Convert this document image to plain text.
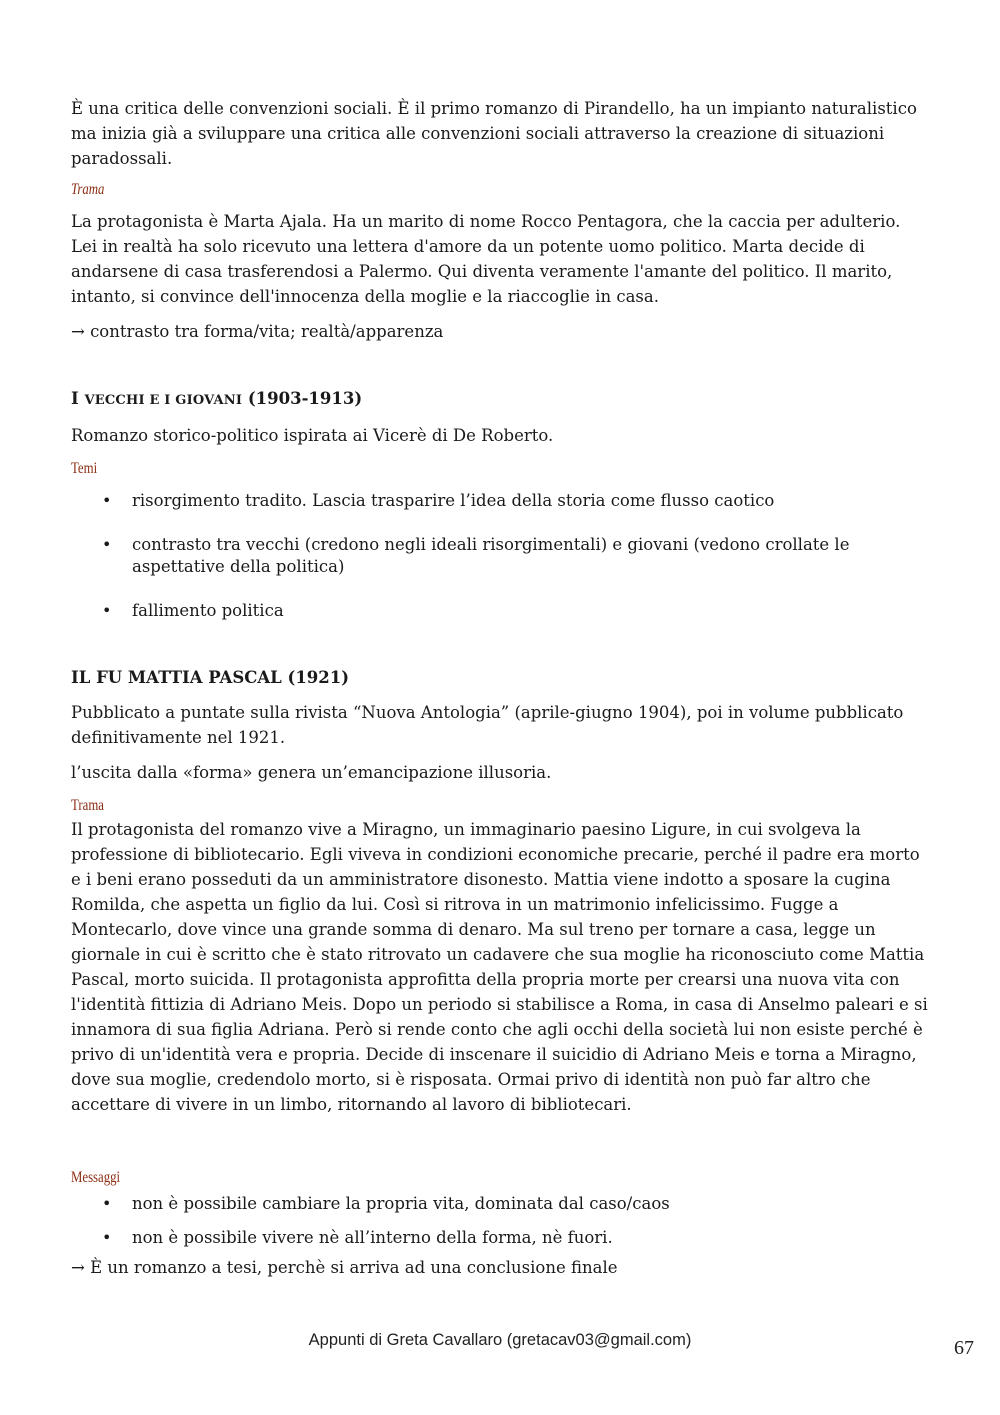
È una critica delle convenzioni sociali. È il primo romanzo di Pirandello, ha un impianto naturalistico ma inizia già a sviluppare una critica alle convenzioni sociali attraverso la creazione di situazioni paradossali.

Trama

La protagonista è Marta Ajala. Ha un marito di nome Rocco Pentagora, che la caccia per adulterio. Lei in realtà ha solo ricevuto una lettera d'amore da un potente uomo politico. Marta decide di andarsene di casa trasferendosi a Palermo. Qui diventa veramente l'amante del politico. Il marito, intanto, si convince dell'innocenza della moglie e la riaccoglie in casa.

→ contrasto tra forma/vita; realtà/apparenza

I VECCHI E I GIOVANI (1903-1913)

Romanzo storico-politico ispirata ai Vicerè di De Roberto.

Temi
• risorgimento tradito. Lascia trasparire l’idea della storia come flusso caotico
• contrasto tra vecchi (credono negli ideali risorgimentali) e giovani (vedono crollate le aspettative della politica)
• fallimento politica
IL FU MATTIA PASCAL (1921)

Pubblicato a puntate sulla rivista “Nuova Antologia” (aprile-giugno 1904), poi in volume pubblicato definitivamente nel 1921.

l’uscita dalla «forma» genera un’emancipazione illusoria.

Trama

Il protagonista del romanzo vive a Miragno, un immaginario paesino Ligure, in cui svolgeva la professione di bibliotecario. Egli viveva in condizioni economiche precarie, perché il padre era morto e i beni erano posseduti da un amministratore disonesto. Mattia viene indotto a sposare la cugina Romilda, che aspetta un figlio da lui. Così si ritrova in un matrimonio infelicissimo. Fugge a Montecarlo, dove vince una grande somma di denaro. Ma sul treno per tornare a casa, legge un giornale in cui è scritto che è stato ritrovato un cadavere che sua moglie ha riconosciuto come Mattia Pascal, morto suicida. Il protagonista approfitta della propria morte per crearsi una nuova vita con l'identità fittizia di Adriano Meis. Dopo un periodo si stabilisce a Roma, in casa di Anselmo paleari e si innamora di sua figlia Adriana. Però si rende conto che agli occhi della società lui non esiste perché è privo di un'identità vera e propria. Decide di inscenare il suicidio di Adriano Meis e torna a Miragno, dove sua moglie, credendolo morto, si è risposata. Ormai privo di identità non può far altro che accettare di vivere in un limbo, ritornando al lavoro di bibliotecari.

Messaggi
• non è possibile cambiare la propria vita, dominata dal caso/caos
• non è possibile vivere nè all’interno della forma, nè fuori.

→ È un romanzo a tesi, perchè si arriva ad una conclusione finale

Appunti di Greta Cavallaro (gretacav03@gmail.com)	67
